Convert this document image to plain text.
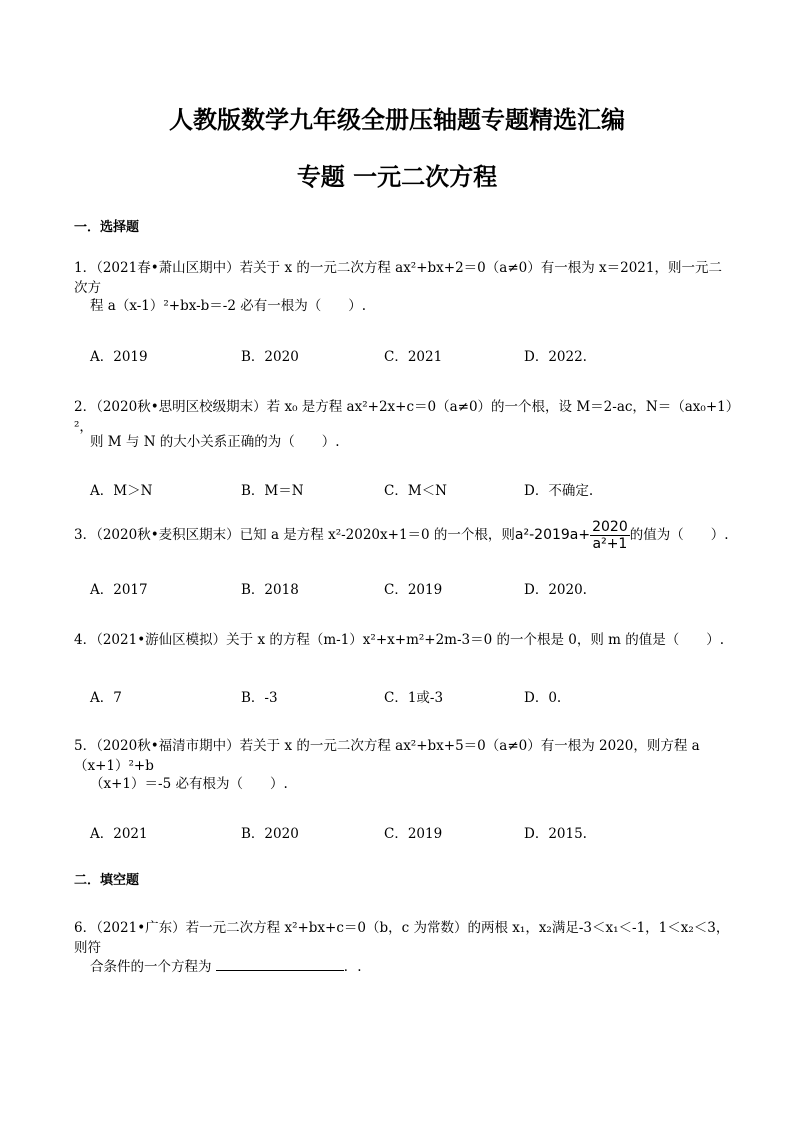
人教版数学九年级全册压轴题专题精选汇编
专题 一元二次方程
一．选择题
1．（2021春•萧山区期中）若关于 x 的一元二次方程 ax²+bx+2＝0（a≠0）有一根为 x＝2021，则一元二次方
程 a（x-1）²+bx-b＝-2 必有一根为（　　）.
A．2019	B．2020	C．2021	D．2022.
2．（2020秋•思明区校级期末）若 x₀ 是方程 ax²+2x+c＝0（a≠0）的一个根，设 M＝2-ac，N＝（ax₀+1）²，
则 M 与 N 的大小关系正确的为（　　）.
A．M＞N	B．M＝N	C．M＜N	D．不确定.
3．（2020秋•麦积区期末）已知 a 是方程 x²-2020x+1＝0 的一个根，则$a^2-2019a+ \frac{2020}{\text{a²+1}}$ 的值为（　　）.
A．2017	B．2018	C．2019	D．2020.
4．（2021•游仙区模拟）关于 x 的方程（m-1）x²+x+m²+2m-3＝0 的一个根是 0，则 m 的值是（　　）.
A．7	B．-3	C．1或-3	D．0.
5．（2020秋•福清市期中）若关于 x 的一元二次方程 ax²+bx+5＝0（a≠0）有一根为 2020，则方程 a（x+1）²+b
（x+1）＝-5 必有根为（　　）.
A．2021	B．2020	C．2019	D．2015.
二．填空题
6．（2021•广东）若一元二次方程 x²+bx+c＝0（b，c 为常数）的两根 x₁，x₂满足-3＜x₁＜-1，1＜x₂＜3，则符
合条件的一个方程为	．.
